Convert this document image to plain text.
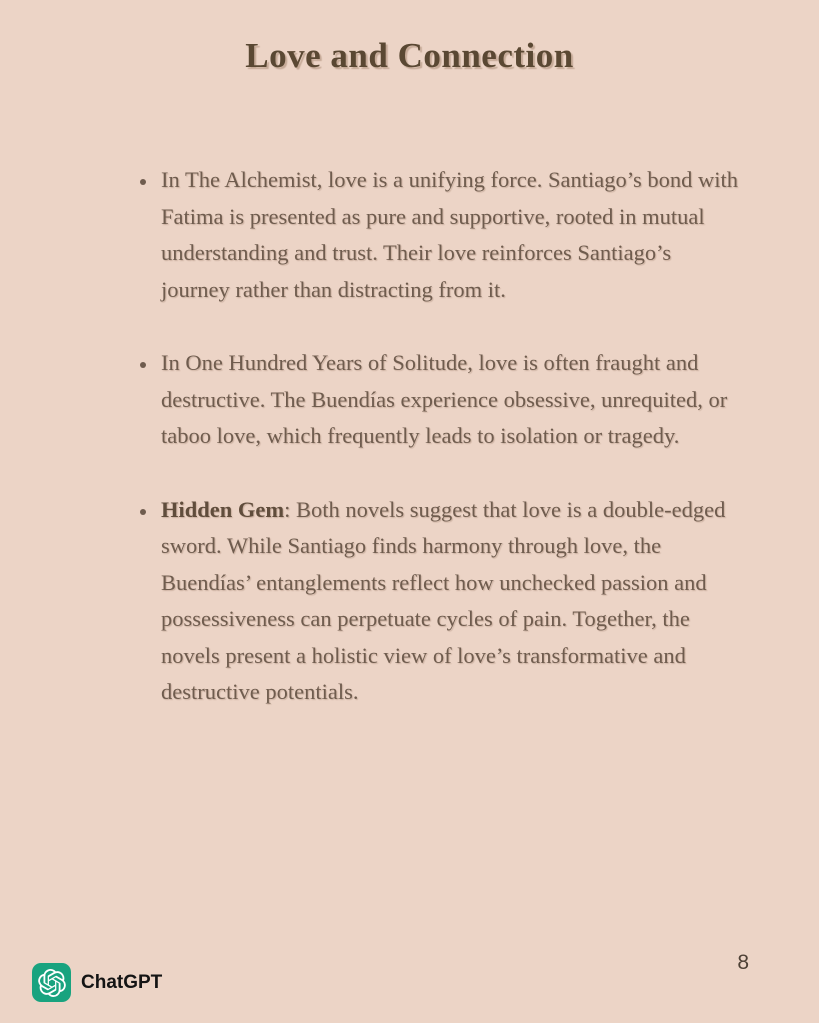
Love and Connection
• In The Alchemist, love is a unifying force. Santiago’s bond with Fatima is presented as pure and supportive, rooted in mutual understanding and trust. Their love reinforces Santiago’s journey rather than distracting from it.
• In One Hundred Years of Solitude, love is often fraught and destructive. The Buendías experience obsessive, unrequited, or taboo love, which frequently leads to isolation or tragedy.
• Hidden Gem: Both novels suggest that love is a double-edged sword. While Santiago finds harmony through love, the Buendías’ entanglements reflect how unchecked passion and possessiveness can perpetuate cycles of pain. Together, the novels present a holistic view of love’s transformative and destructive potentials.
8
ChatGPT
